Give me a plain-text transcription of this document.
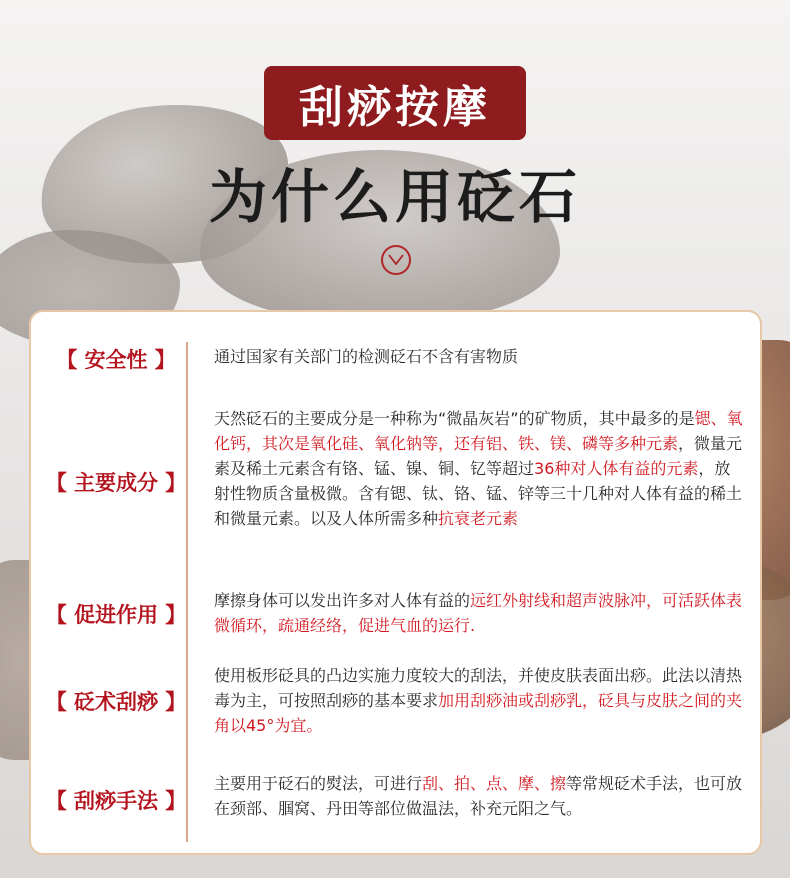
刮痧按摩
为什么用砭石
【 安全性 】	通过国家有关部门的检测砭石不含有害物质
【 主要成分 】
天然砭石的主要成分是一种称为“微晶灰岩”的矿物质，其中最多的是锶、氧化钙，其次是氧化硅、氧化钠等，还有铝、铁、镁、磷等多种元素，微量元素及稀土元素含有铬、锰、镍、铜、钇等超过36种对人体有益的元素，放射性物质含量极微。含有锶、钛、铬、锰、锌等三十几种对人体有益的稀土和微量元素。以及人体所需多种抗衰老元素
【 促进作用 】
摩擦身体可以发出许多对人体有益的远红外射线和超声波脉冲，可活跃体表微循环，疏通经络，促进气血的运行.
【 砭术刮痧 】
使用板形砭具的凸边实施力度较大的刮法，并使皮肤表面出痧。此法以清热毒为主，可按照刮痧的基本要求加用刮痧油或刮痧乳，砭具与皮肤之间的夹角以45°为宜。
【 刮痧手法 】
主要用于砭石的熨法，可进行刮、拍、点、摩、擦等常规砭术手法，也可放在颈部、腘窝、丹田等部位做温法，补充元阳之气。
